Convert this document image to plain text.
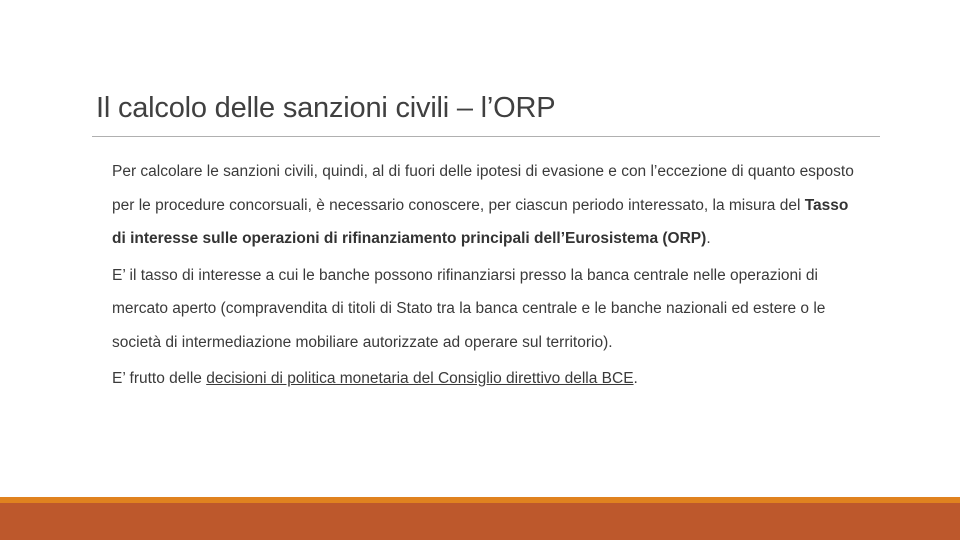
Il calcolo delle sanzioni civili – l’ORP

Per calcolare le sanzioni civili, quindi, al di fuori delle ipotesi di evasione e con l’eccezione di quanto esposto per le procedure concorsuali, è necessario conoscere, per ciascun periodo interessato, la misura del Tasso di interesse sulle operazioni di rifinanziamento principali dell’Eurosistema (ORP).

E’ il tasso di interesse a cui le banche possono rifinanziarsi presso la banca centrale nelle operazioni di mercato aperto (compravendita di titoli di Stato tra la banca centrale e le banche nazionali ed estere o le società di intermediazione mobiliare autorizzate ad operare sul territorio).

E’ frutto delle decisioni di politica monetaria del Consiglio direttivo della BCE.
